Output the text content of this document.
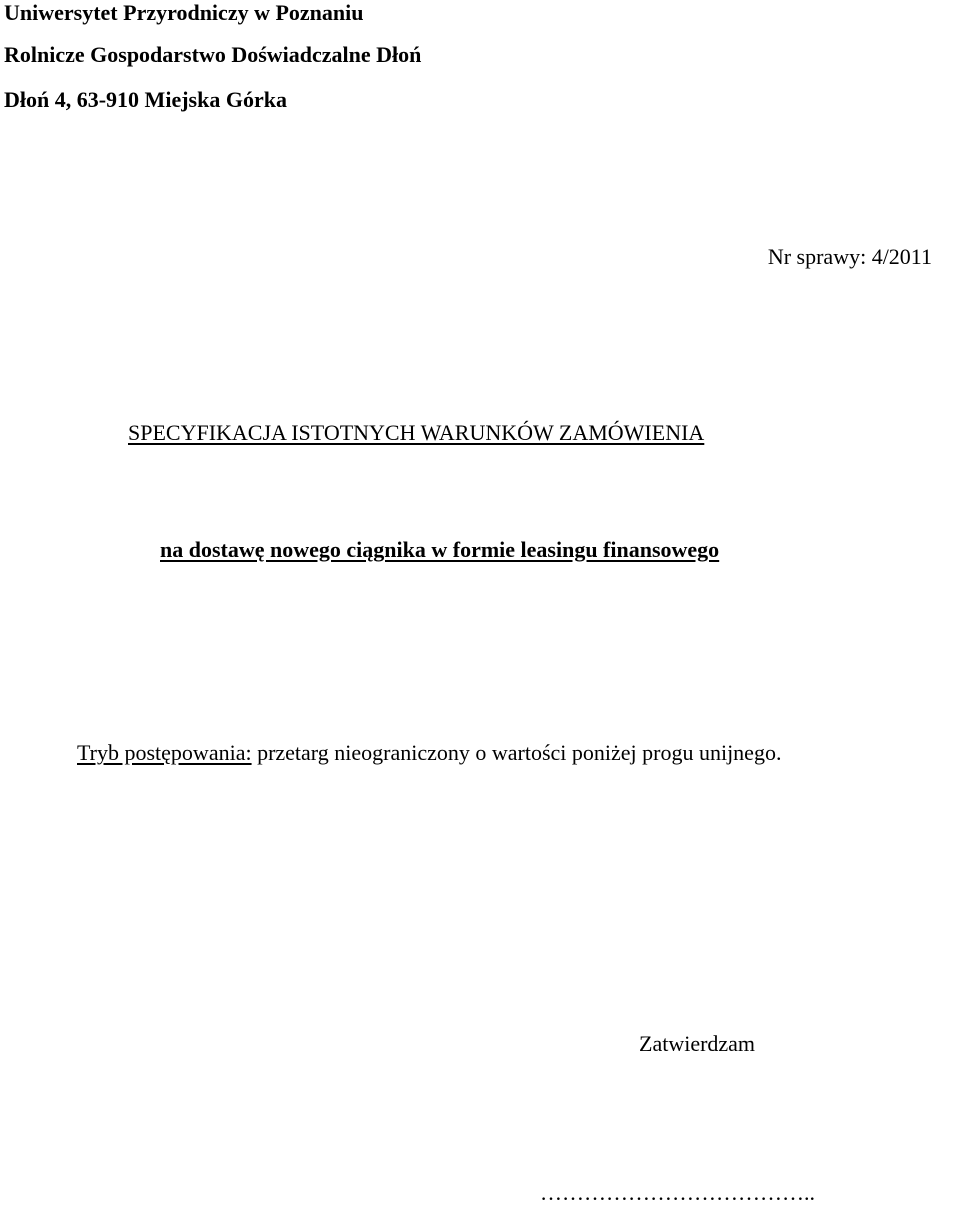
Uniwersytet Przyrodniczy w Poznaniu
Rolnicze Gospodarstwo Doświadczalne Dłoń
Dłoń 4, 63-910 Miejska Górka
Nr sprawy: 4/2011
SPECYFIKACJA ISTOTNYCH WARUNKÓW ZAMÓWIENIA
na dostawę nowego ciągnika w formie leasingu finansowego
Tryb postępowania: przetarg nieograniczony o wartości poniżej progu unijnego.
Zatwierdzam
………………………………..
